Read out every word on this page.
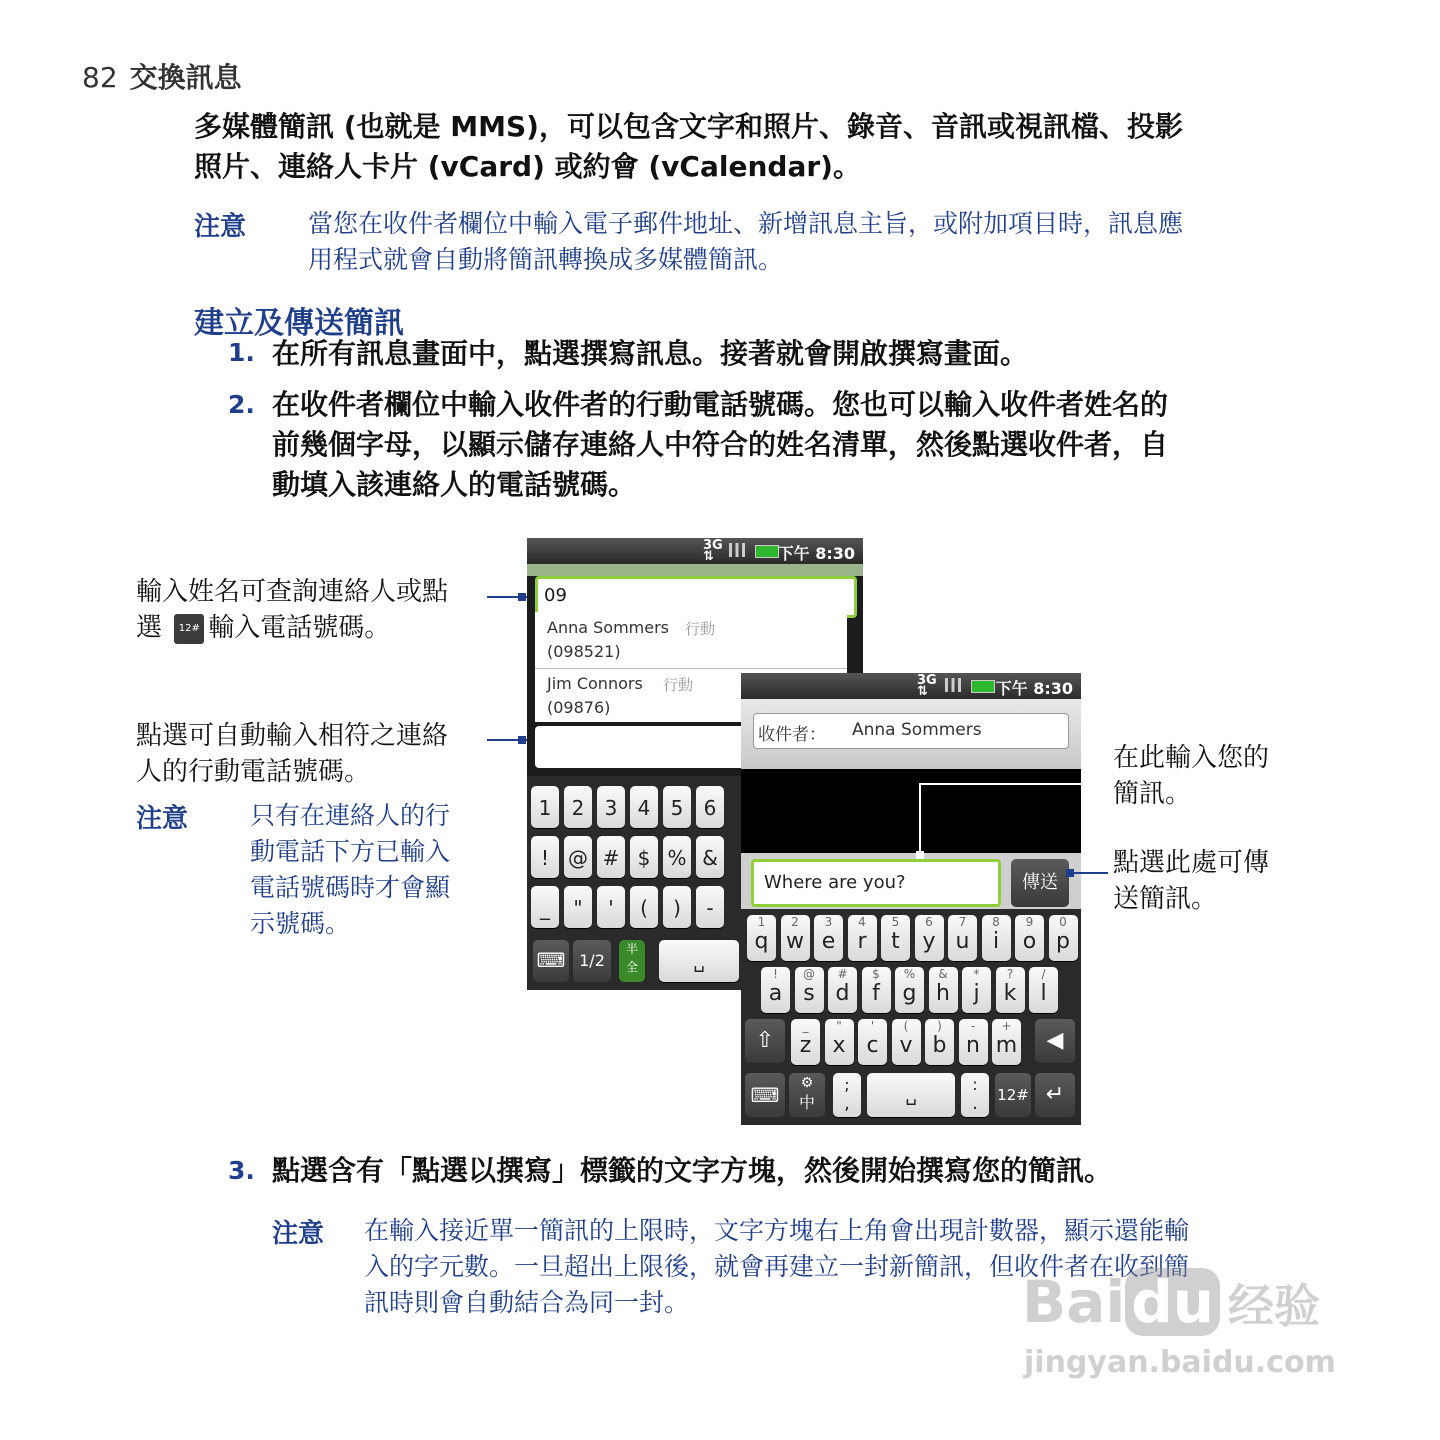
82 交換訊息
多媒體簡訊 (也就是 MMS)，可以包含文字和照片、錄音、音訊或視訊檔、投影
照片、連絡人卡片 (vCard) 或約會 (vCalendar)。
注意 當您在收件者欄位中輸入電子郵件地址、新增訊息主旨，或附加項目時，訊息應
用程式就會自動將簡訊轉換成多媒體簡訊。
建立及傳送簡訊
1. 在所有訊息畫面中，點選撰寫訊息。接著就會開啟撰寫畫面。
2. 在收件者欄位中輸入收件者的行動電話號碼。您也可以輸入收件者姓名的
前幾個字母，以顯示儲存連絡人中符合的姓名清單，然後點選收件者，自
動填入該連絡人的電話號碼。
輸入姓名可查詢連絡人或點
選 12# 輸入電話號碼。
點選可自動輸入相符之連絡
人的行動電話號碼。
注意 只有在連絡人的行
動電話下方已輸入
電話號碼時才會顯
示號碼。
在此輸入您的
簡訊。
點選此處可傳
送簡訊。
3G
⇅	下午 8:30
09
Anna Sommers 行動
(098521)
Jim Connors 行動
(09876)
⌨ 1/2
半
全	␣
1	2	3	4	5	6
! @ # $ % &
_	"	'	(	)	-
3G
⇅	下午 8:30
收件者： Anna Sommers
Where are you?	傳送
⇧	◀
⌨	⚙
中
;
,	␣
:
.	12# ↵
1
q
2
w
3
e
4
r
5
t
6
y
7
u
8
i
9
o
0
p
!
a
@
s
#
d
$
f
%
g
&
h
*
j
?
k
/
l
_
z
"
x
'
c
(
v
)
b
-
n
+
m
3. 點選含有「點選以撰寫」標籤的文字方塊，然後開始撰寫您的簡訊。
注意 在輸入接近單一簡訊的上限時，文字方塊右上角會出現計數器，顯示還能輸
入的字元數。一旦超出上限後，就會再建立一封新簡訊，但收件者在收到簡
訊時則會自動結合為同一封。	Bai du 经验
jingyan.baidu.com
